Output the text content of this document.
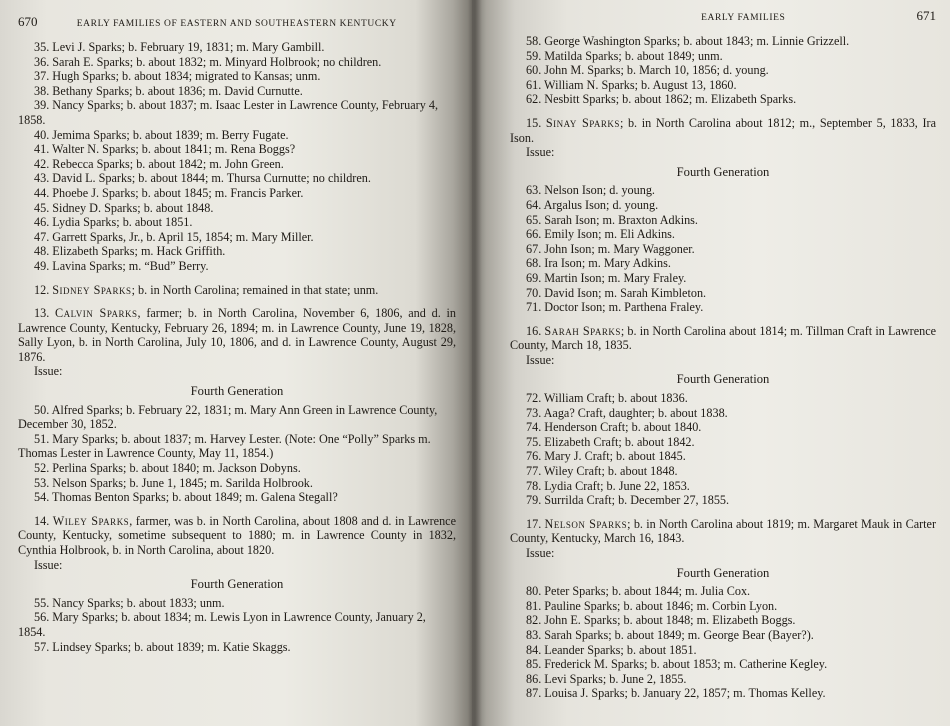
670	EARLY FAMILIES OF EASTERN AND SOUTHEASTERN KENTUCKY

35. Levi J. Sparks; b. February 19, 1831; m. Mary Gambill.

36. Sarah E. Sparks; b. about 1832; m. Minyard Holbrook; no children.

37. Hugh Sparks; b. about 1834; migrated to Kansas; unm.

38. Bethany Sparks; b. about 1836; m. David Curnutte.

39. Nancy Sparks; b. about 1837; m. Isaac Lester in Lawrence County, February 4, 1858.

40. Jemima Sparks; b. about 1839; m. Berry Fugate.

41. Walter N. Sparks; b. about 1841; m. Rena Boggs?

42. Rebecca Sparks; b. about 1842; m. John Green.

43. David L. Sparks; b. about 1844; m. Thursa Curnutte; no children.

44. Phoebe J. Sparks; b. about 1845; m. Francis Parker.

45. Sidney D. Sparks; b. about 1848.

46. Lydia Sparks; b. about 1851.

47. Garrett Sparks, Jr., b. April 15, 1854; m. Mary Miller.

48. Elizabeth Sparks; m. Hack Griffith.

49. Lavina Sparks; m. “Bud” Berry.

12. Sidney Sparks; b. in North Carolina; remained in that state; unm.

13. Calvin Sparks, farmer; b. in North Carolina, November 6, 1806, and d. in Lawrence County, Kentucky, February 26, 1894; m. in Lawrence County, June 19, 1828, Sally Lyon, b. in North Carolina, July 10, 1806, and d. in Lawrence County, August 29, 1876.

Issue:

Fourth Generation

50. Alfred Sparks; b. February 22, 1831; m. Mary Ann Green in Lawrence County, December 30, 1852.

51. Mary Sparks; b. about 1837; m. Harvey Lester. (Note: One “Polly” Sparks m. Thomas Lester in Lawrence County, May 11, 1854.)

52. Perlina Sparks; b. about 1840; m. Jackson Dobyns.

53. Nelson Sparks; b. June 1, 1845; m. Sarilda Holbrook.

54. Thomas Benton Sparks; b. about 1849; m. Galena Stegall?

14. Wiley Sparks, farmer, was b. in North Carolina, about 1808 and d. in Lawrence County, Kentucky, sometime subsequent to 1880; m. in Lawrence County in 1832, Cynthia Holbrook, b. in North Carolina, about 1820.

Issue:

Fourth Generation

55. Nancy Sparks; b. about 1833; unm.

56. Mary Sparks; b. about 1834; m. Lewis Lyon in Lawrence County, January 2, 1854.

57. Lindsey Sparks; b. about 1839; m. Katie Skaggs.

EARLY FAMILIES	671

58. George Washington Sparks; b. about 1843; m. Linnie Grizzell.

59. Matilda Sparks; b. about 1849; unm.

60. John M. Sparks; b. March 10, 1856; d. young.

61. William N. Sparks; b. August 13, 1860.

62. Nesbitt Sparks; b. about 1862; m. Elizabeth Sparks.

15. Sinay Sparks; b. in North Carolina about 1812; m., September 5, 1833, Ira Ison.

Issue:

Fourth Generation

63. Nelson Ison; d. young.

64. Argalus Ison; d. young.

65. Sarah Ison; m. Braxton Adkins.

66. Emily Ison; m. Eli Adkins.

67. John Ison; m. Mary Waggoner.

68. Ira Ison; m. Mary Adkins.

69. Martin Ison; m. Mary Fraley.

70. David Ison; m. Sarah Kimbleton.

71. Doctor Ison; m. Parthena Fraley.

16. Sarah Sparks; b. in North Carolina about 1814; m. Tillman Craft in Lawrence County, March 18, 1835.

Issue:

Fourth Generation

72. William Craft; b. about 1836.

73. Aaga? Craft, daughter; b. about 1838.

74. Henderson Craft; b. about 1840.

75. Elizabeth Craft; b. about 1842.

76. Mary J. Craft; b. about 1845.

77. Wiley Craft; b. about 1848.

78. Lydia Craft; b. June 22, 1853.

79. Surrilda Craft; b. December 27, 1855.

17. Nelson Sparks; b. in North Carolina about 1819; m. Margaret Mauk in Carter County, Kentucky, March 16, 1843.

Issue:

Fourth Generation

80. Peter Sparks; b. about 1844; m. Julia Cox.

81. Pauline Sparks; b. about 1846; m. Corbin Lyon.

82. John E. Sparks; b. about 1848; m. Elizabeth Boggs.

83. Sarah Sparks; b. about 1849; m. George Bear (Bayer?).

84. Leander Sparks; b. about 1851.

85. Frederick M. Sparks; b. about 1853; m. Catherine Kegley.

86. Levi Sparks; b. June 2, 1855.

87. Louisa J. Sparks; b. January 22, 1857; m. Thomas Kelley.
